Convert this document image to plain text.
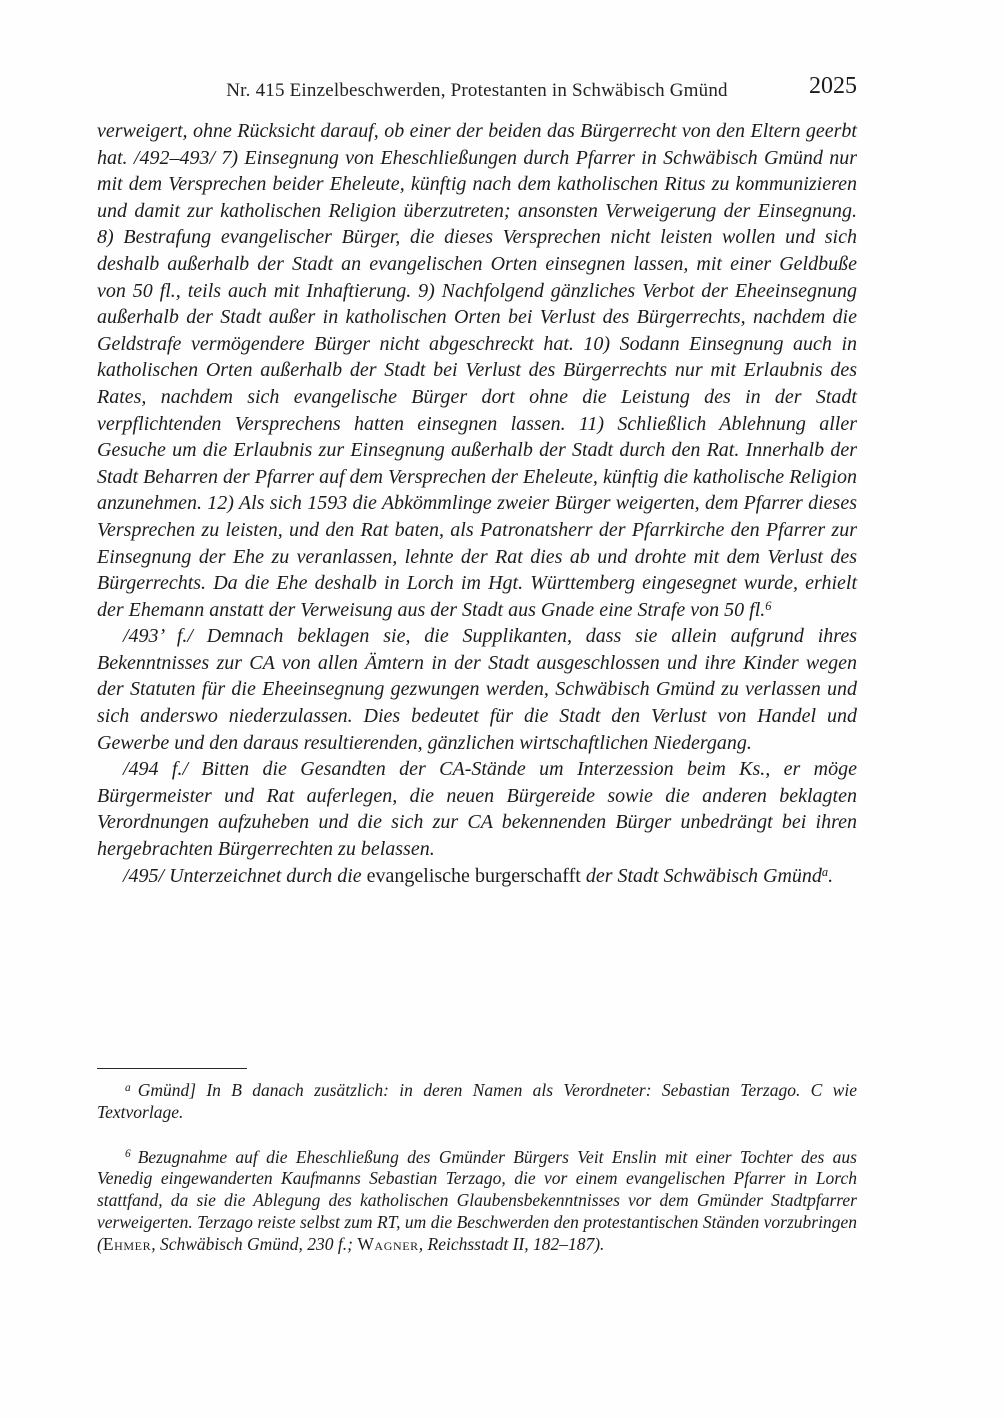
Nr. 415 Einzelbeschwerden, Protestanten in Schwäbisch Gmünd	2025

verweigert, ohne Rücksicht darauf, ob einer der beiden das Bürgerrecht von den Eltern geerbt hat. /492–493/ 7) Einsegnung von Eheschließungen durch Pfarrer in Schwäbisch Gmünd nur mit dem Versprechen beider Eheleute, künftig nach dem katholischen Ritus zu kommunizieren und damit zur katholischen Religion überzutreten; ansonsten Verweigerung der Einsegnung. 8) Bestrafung evangelischer Bürger, die dieses Versprechen nicht leisten wollen und sich deshalb außerhalb der Stadt an evangelischen Orten einsegnen lassen, mit einer Geldbuße von 50 fl., teils auch mit Inhaftierung. 9) Nachfolgend gänzliches Verbot der Eheeinsegnung außerhalb der Stadt außer in katholischen Orten bei Verlust des Bürgerrechts, nachdem die Geldstrafe vermögendere Bürger nicht abgeschreckt hat. 10) Sodann Einsegnung auch in katholischen Orten außerhalb der Stadt bei Verlust des Bürgerrechts nur mit Erlaubnis des Rates, nachdem sich evangelische Bürger dort ohne die Leistung des in der Stadt verpflichtenden Versprechens hatten einsegnen lassen. 11) Schließlich Ablehnung aller Gesuche um die Erlaubnis zur Einsegnung außerhalb der Stadt durch den Rat. Innerhalb der Stadt Beharren der Pfarrer auf dem Versprechen der Eheleute, künftig die katholische Religion anzunehmen. 12) Als sich 1593 die Abkömmlinge zweier Bürger weigerten, dem Pfarrer dieses Versprechen zu leisten, und den Rat baten, als Patronatsherr der Pfarrkirche den Pfarrer zur Einsegnung der Ehe zu veranlassen, lehnte der Rat dies ab und drohte mit dem Verlust des Bürgerrechts. Da die Ehe deshalb in Lorch im Hgt. Württemberg eingesegnet wurde, erhielt der Ehemann anstatt der Verweisung aus der Stadt aus Gnade eine Strafe von 50 fl.$^6$

/493’ f./ Demnach beklagen sie, die Supplikanten, dass sie allein aufgrund ihres Bekenntnisses zur CA von allen Ämtern in der Stadt ausgeschlossen und ihre Kinder wegen der Statuten für die Eheeinsegnung gezwungen werden, Schwäbisch Gmünd zu verlassen und sich anderswo niederzulassen. Dies bedeutet für die Stadt den Verlust von Handel und Gewerbe und den daraus resultierenden, gänzlichen wirtschaftlichen Niedergang.

/494 f./ Bitten die Gesandten der CA-Stände um Interzession beim Ks., er möge Bürgermeister und Rat auferlegen, die neuen Bürgereide sowie die anderen beklagten Verordnungen aufzuheben und die sich zur CA bekennenden Bürger unbedrängt bei ihren hergebrachten Bürgerrechten zu belassen.

/495/ Unterzeichnet durch die evangelische burgerschafft der Stadt Schwäbisch Gmünd$^a$.

$^a$ Gmünd] In B danach zusätzlich: in deren Namen als Verordneter: Sebastian Terzago. C wie Textvorlage.

$^6$ Bezugnahme auf die Eheschließung des Gmünder Bürgers Veit Enslin mit einer Tochter des aus Venedig eingewanderten Kaufmanns Sebastian Terzago, die vor einem evangelischen Pfarrer in Lorch stattfand, da sie die Ablegung des katholischen Glaubensbekenntnisses vor dem Gmünder Stadtpfarrer verweigerten. Terzago reiste selbst zum RT, um die Beschwerden den protestantischen Ständen vorzubringen (Ehmer, Schwäbisch Gmünd, 230 f.; Wagner, Reichsstadt II, 182–187).
